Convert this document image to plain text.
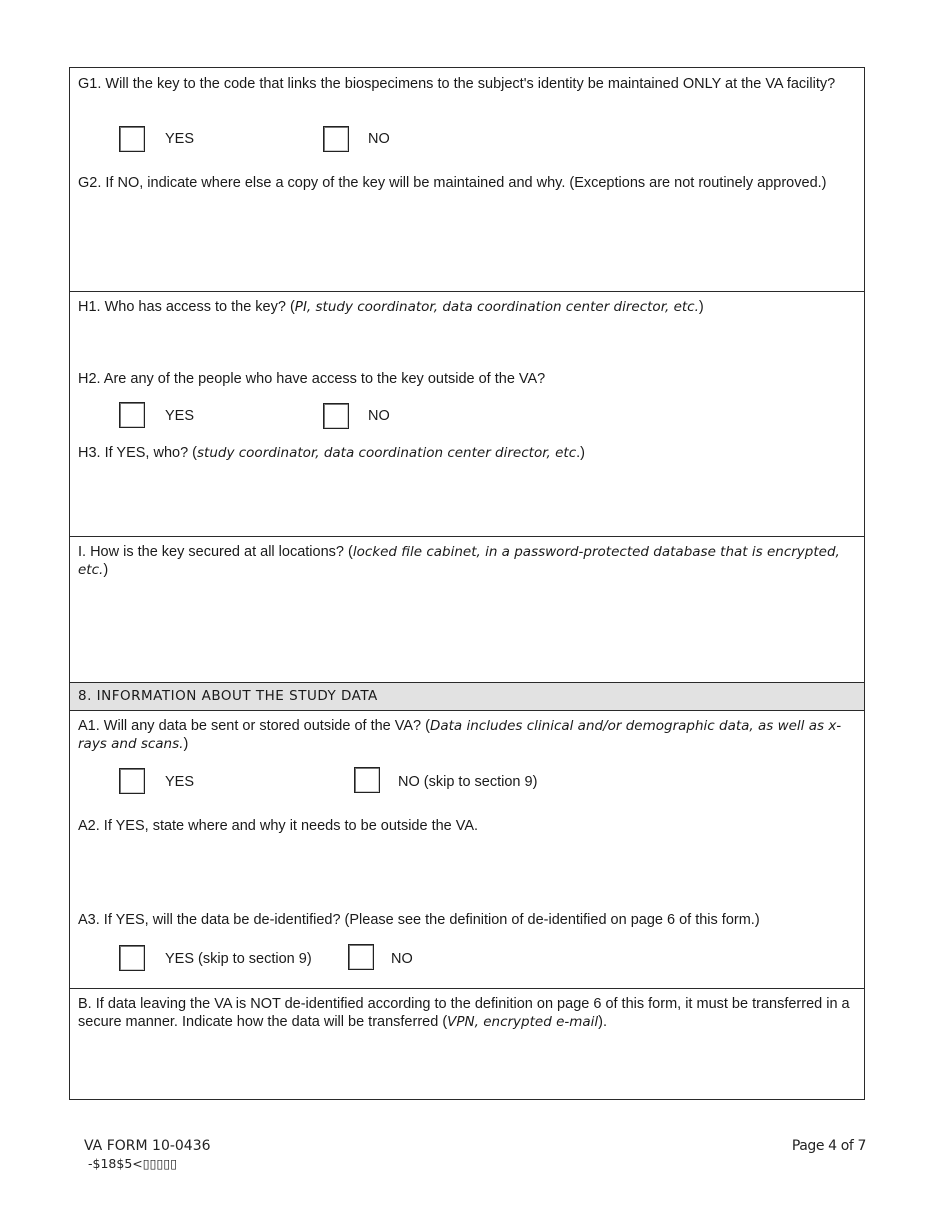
G1. Will the key to the code that links the biospecimens to the subject's identity be maintained ONLY at the VA facility?
YES	NO
G2. If NO, indicate where else a copy of the key will be maintained and why. (Exceptions are not routinely approved.)
H1. Who has access to the key? (PI, study coordinator, data coordination center director, etc.)
H2. Are any of the people who have access to the key outside of the VA?
YES	NO
H3. If YES, who? (study coordinator, data coordination center director, etc.)
I. How is the key secured at all locations? (locked file cabinet, in a password-protected database that is encrypted, etc.)
8. INFORMATION ABOUT THE STUDY DATA
A1. Will any data be sent or stored outside of the VA? (Data includes clinical and/or demographic data, as well as x-rays and scans.)
YES	NO (skip to section 9)
A2. If YES, state where and why it needs to be outside the VA.
A3. If YES, will the data be de-identified? (Please see the definition of de-identified on page 6 of this form.)
YES (skip to section 9)	NO
B. If data leaving the VA is NOT de-identified according to the definition on page 6 of this form, it must be transferred in a secure manner. Indicate how the data will be transferred (VPN, encrypted e-mail).
VA FORM 10-0436
-$18$5<▯▯▯▯▯
Page 4 of 7
